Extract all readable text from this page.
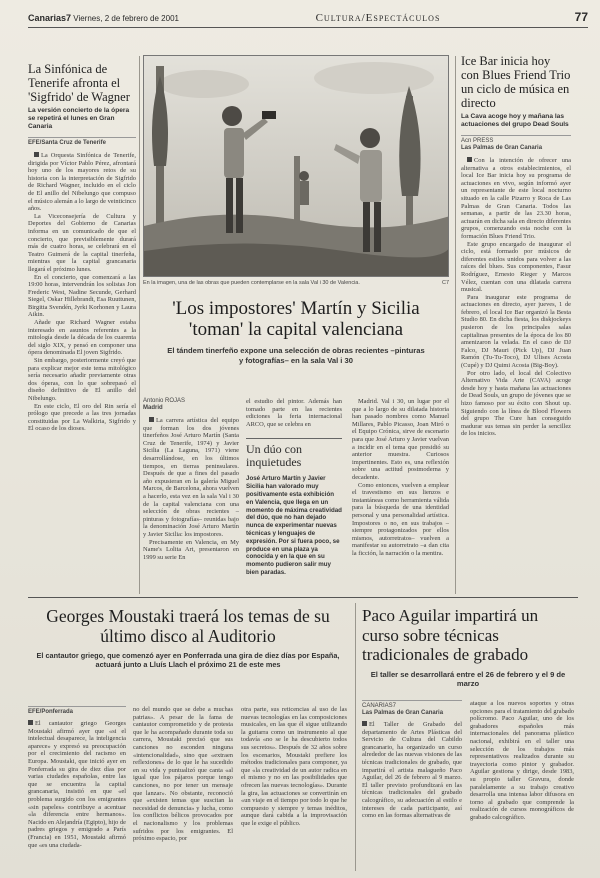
Canarias7 Viernes, 2 de febrero de 2001	Cultura/Espectáculos	77
La Sinfónica de Tenerife afronta el 'Sigfrido' de Wagner
La versión concierto de la ópera se repetirá el lunes en Gran Canaria
EFE/Santa Cruz de Tenerife

La Orquesta Sinfónica de Tenerife, dirigida por Víctor Pablo Pérez, afrontará hoy uno de los mayores retos de su historia con la interpretación de Sigfrido de Richard Wagner, incluido en el ciclo de El anillo del Nibelungo que compuso el músico alemán a lo largo de veinticinco años.

La Viceconsejería de Cultura y Deportes del Gobierno de Canarias informa en un comunicado de que el concierto, que previsiblemente durará más de cuatro horas, se celebrará en el Teatro Guimerá de la capital tinerfeña, mientras que la capital grancanaria llegará el próximo lunes.

En el concierto, que comenzará a las 19:00 horas, intervendrán los solistas Jon Frederic West, Nadine Secunde, Gerhard Siegel, Oskar Hillebrandt, Esa Ruuttunen, Birgitta Svendén, Jyrki Korhonen y Laura Aikin.

Añade que Richard Wagner estaba interesado en asuntos referentes a la mitología desde la década de los cuarenta del siglo XIX, y pensó en componer una ópera denominada El joven Sigfrido.

Sin embargo, posteriormente creyó que para explicar mejor este tema mitológico sería necesario añadir previamente otras dos óperas, con lo que sobrepasó el diseño definitivo de El anillo del Nibelungo.

En este ciclo, El oro del Rin sería el prólogo que precede a las tres jornadas constituidas por La Walkiria, Sigfrido y El ocaso de los dioses.

En la imagen, una de las obras que pueden contemplarse en la sala Val i 30 de Valencia.	C7
'Los impostores' Martín y Sicilia
'toman' la capital valenciana
El tándem tinerfeño expone una selección de obras recientes –pinturas y fotografías– en la sala Val i 30
Antonio ROJAS
Madrid

La carrera artística del equipo que forman los dos jóvenes tinerfeños José Arturo Martín (Santa Cruz de Tenerife, 1974) y Javier Sicilia (La Laguna, 1971) viene desarrollándose, en los últimos tiempos, en tierras peninsulares. Después de que a fines del pasado año expusieran en la galería Miguel Marcos, de Barcelona, ahora vuelven a hacerlo, esta vez en la sala Val i 30 de la capital valenciana con una selección de obras recientes –pinturas y fotografías– reunidas bajo la denominación José Arturo Martín y Javier Sicilia: los impostores.

Precisamente en Valencia, en My Name's Lolita Art, presentaron en 1999 su serie En

el estudio del pintor. Además han tomado parte en las recientes ediciones la feria internacional ARCO, que se celebra en
Un dúo con inquietudes
José Arturo Martín y Javier Sicilia han valorado muy positivamente esta exhibición en Valencia, que llega en un momento de máxima creatividad del dúo, que no han dejado nunca de experimentar nuevas técnicas y lenguajes de expresión. Por si fuera poco, se produce en una plaza ya conocida y en la que en su momento pudieron salir muy bien paradas.

Madrid. Val i 30, un lugar por el que a lo largo de su dilatada historia han pasado nombres como Manuel Millares, Pablo Picasso, Joan Miró o el Equipo Crónica, sirve de escenario para que José Arturo y Javier vuelvan a incidir en el tema que presidió su anterior muestra. Curiosos impertinentes. Esto es, una reflexión sobre una actitud postmoderna y decadente.

Como entonces, vuelven a emplear el travestismo en sus lienzos e instantáneas como herramienta válida para la búsqueda de una identidad personal y una personalidad artística. Impostores o no, en sus trabajos –siempre protagonizados por ellos mismos, autorretratos– vuelven a manifestar su autorretrato –a dan cita la ficción, la narración o la mentira.

Ice Bar inicia hoy con Blues Friend Trio un ciclo de música en directo
La Cava acoge hoy y mañana las actuaciones del grupo Dead Souls
Acn PRESS
Las Palmas de Gran Canaria

Con la intención de ofrecer una alternativa a otros establecimientos, el local Ice Bar inicia hoy su programa de actuaciones en vivo, según informó ayer un representante de este local nocturno situado en la calle Pizarro y Roca de Las Palmas de Gran Canaria. Todos las semanas, a partir de las 23.30 horas, actuarán en dicha sala en directo diferentes grupos, comenzando esta noche con la formación Blues Friend Trio.

Este grupo encargado de inaugurar el ciclo, está formado por músicos de diferentes estilos unidos para volver a las raíces del blues. Sus componentes, Fasur Rodríguez, Ernesto Rieger y Marcos Vélez, cuentan con una dilatada carrera musical.

Para inaugurar este programa de actuaciones en directo, ayer jueves, 1 de febrero, el local Ice Bar organizó la Besta Studio 80. En dicha fiesta, los diskjockeys pusieron de los principales salas capitalinas presentes de la época de los 80 amenizaron la velada. En el caso de DJ Falco, DJ Mauri (Pick Up), DJ Juan Ramón (Tu-Tu-Toco), DJ Ulises Acosta (Cupé) y DJ Quimi Acosta (Big-Boy).

Por otro lado, el local del Colectivo Alternativo Vida Arte (CAVA) acoge desde hoy y hasta mañana las actuaciones de Dead Souls, un grupo de jóvenes que se hizo famoso por su éxito con Shout up. Siguiendo con la línea de Blood Flowers del grupo The Cure han conseguido madurar sus temas sin perder la sencillez de los inicios.

Georges Moustaki traerá los temas de su último disco al Auditorio
El cantautor griego, que comenzó ayer en Ponferrada una gira de diez días por España, actuará junto a Lluís Llach el próximo 21 de este mes
EFE/Ponferrada
El cantautor griego Georges Moustaki afirmó ayer que «si el intelectual desaparece, la inteligencia aparece» y expresó su preocupación por el crecimiento del racismo en Europa. Moustaki, que inició ayer en Ponferrada su gira de diez días por varias ciudades españolas, entre las que se encuentra la capital grancanaria, insistió en que «el problema surgido con los emigrantes «sin papeles» contribuye a acentuar «la diferencia entre hermanos». Nacido en Alejandría (Egipto), hijo de padres griegos y emigrado a París (Francia) en 1951, Moustaki afirmó que «es una ciudada-
no del mundo que se debe a muchas patrias». A pesar de la fama de cantautor comprometido y de protesta que le ha acompañado durante toda su carrera, Moustaki precisó que sus canciones no esconden ninguna «intencionalidad», sino que «extraen reflexiones» de lo que le ha sucedido en su vida y puntualizó que canta «al igual que los pájaros porque tengo canciones, no por tener un mensaje que lanzar». No obstante, reconoció que «existen temas que suscitan la necesidad de denuncia» y lucha, como los conflictos bélicos provocados por el nacionalismo y los problemas sufridos por los emigrantes. El próximo espacio, por
otra parte, sus reticencias al uso de las nuevas tecnologías en las composiciones musicales, en las que él sigue utilizando la guitarra como un instrumento al que todavía «no se le ha descubierto todos sus secretos». Después de 32 años sobre los escenarios, Moustaki prefiere los métodos tradicionales para componer, ya que «la creatividad de un autor radica en el mismo y no en las posibilidades que ofrecen las nuevas tecnologías». Durante la gira, las actuaciones se convertirán en «un viaje en el tiempo por todo lo que he compuesto y siempre y temas inéditos, aunque dará cabida a la improvisación que le exige el público.
Paco Aguilar impartirá un curso sobre técnicas tradicionales de grabado
El taller se desarrollará entre el 26 de febrero y el 9 de marzo
CANARIAS7
Las Palmas de Gran Canaria
El Taller de Grabado del departamento de Artes Plásticas del Servicio de Cultura del Cabildo grancanario, ha organizado un curso alrededor de las nuevas visiones de las técnicas tradicionales de grabado, que impartirá el artista malagueño Paco Aguilar, del 26 de febrero al 9 marzo. El taller previsto profundizará en las técnicas tradicionales del grabado calcográfico, su adecuación al estilo e intereses de cada participante, así como en las formas alternativas de
ataque a los nuevos soportes y otras opciones para el tratamiento del grabado polícromo. Paco Aguilar, uno de los grabadores españoles más internacionales del panorama plástico nacional, exhibirá en el taller una selección de los trabajos más representativos realizados durante su trayectoria como pintor y grabador. Aguilar gestiona y dirige, desde 1983, su propio taller Gravura, donde paralelamente a su trabajo creativo desarrolla una intensa labor difusora en torno al grabado que comprende la realización de cursos monográficos de grabado calcográfico.
